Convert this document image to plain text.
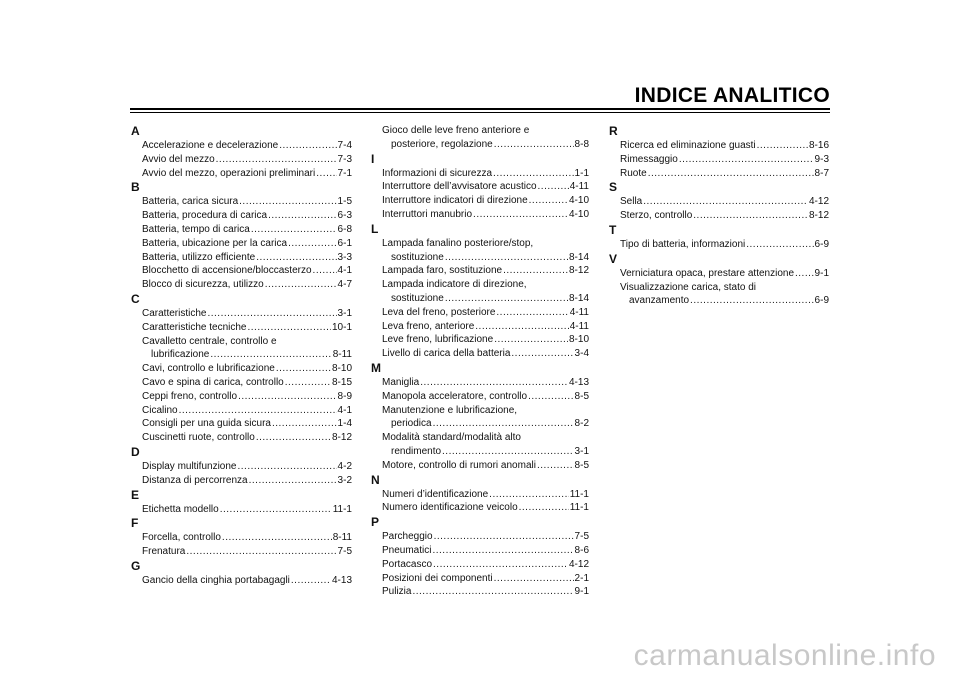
INDICE ANALITICO
A
Accelerazione e decelerazione .....	7-4
Avvio del mezzo .....	7-3
Avvio del mezzo, operazioni preliminari ..... 7-1
B
Batteria, carica sicura .....	1-5
Batteria, procedura di carica .....	6-3
Batteria, tempo di carica .....	6-8
Batteria, ubicazione per la carica .....	6-1
Batteria, utilizzo efficiente .....	3-3
Blocchetto di accensione/bloccasterzo .....	4-1
Blocco di sicurezza, utilizzo .....	4-7
C
Caratteristiche .....	3-1
Caratteristiche tecniche .....	10-1
Cavalletto centrale, controllo e
lubrificazione .....	8-11
Cavi, controllo e lubrificazione .....	8-10
Cavo e spina di carica, controllo .....	8-15
Ceppi freno, controllo .....	8-9
Cicalino .....	4-1
Consigli per una guida sicura .....	1-4
Cuscinetti ruote, controllo .....	8-12
D
Display multifunzione .....	4-2
Distanza di percorrenza .....	3-2
E
Etichetta modello .....	11-1
F
Forcella, controllo .....	8-11
Frenatura .....	7-5
G
Gancio della cinghia portabagagli .....	4-13
Gioco delle leve freno anteriore e
posteriore, regolazione .....	8-8
I
Informazioni di sicurezza .....	1-1
Interruttore dell’avvisatore acustico .....	4-11
Interruttore indicatori di direzione .....	4-10
Interruttori manubrio .....	4-10
L
Lampada fanalino posteriore/stop,
sostituzione .....	8-14
Lampada faro, sostituzione .....	8-12
Lampada indicatore di direzione,
sostituzione .....	8-14
Leva del freno, posteriore .....	4-11
Leva freno, anteriore .....	4-11
Leve freno, lubrificazione .....	8-10
Livello di carica della batteria .....	3-4
M
Maniglia .....	4-13
Manopola acceleratore, controllo .....	8-5
Manutenzione e lubrificazione,
periodica .....	8-2
Modalità standard/modalità alto
rendimento .....	3-1
Motore, controllo di rumori anomali .....	8-5
N
Numeri d’identificazione .....	11-1
Numero identificazione veicolo .....	11-1
P
Parcheggio .....	7-5
Pneumatici .....	8-6
Portacasco .....	4-12
Posizioni dei componenti .....	2-1
Pulizia .....	9-1
R
Ricerca ed eliminazione guasti .....	8-16
Rimessaggio .....	9-3
Ruote .....	8-7
S
Sella .....	4-12
Sterzo, controllo .....	8-12
T
Tipo di batteria, informazioni .....	6-9
V
Verniciatura opaca, prestare attenzione ..... 9-1
Visualizzazione carica, stato di
avanzamento .....	6-9
carmanualsonline.info
